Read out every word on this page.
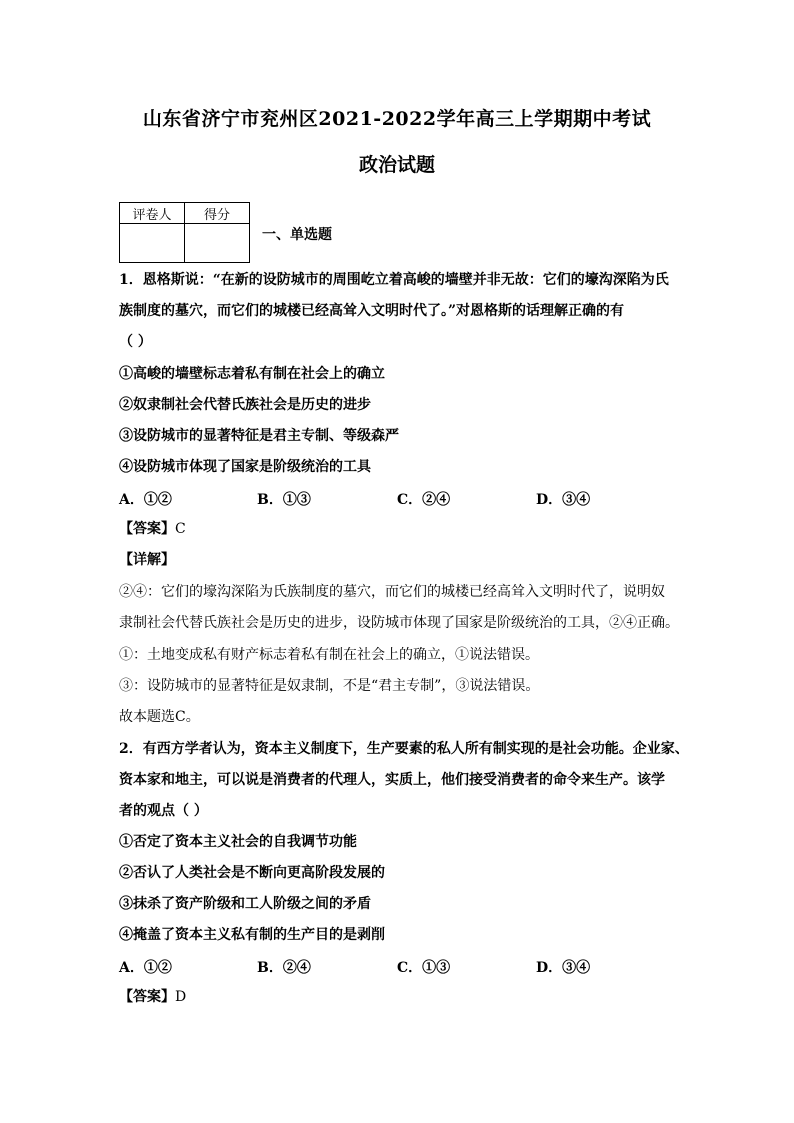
山东省济宁市兖州区2021-2022学年高三上学期期中考试
政治试题
评卷人	得分

一、单选题
1．恩格斯说：“在新的设防城市的周围屹立着高峻的墙壁并非无故：它们的壕沟深陷为氏
族制度的墓穴，而它们的城楼已经高耸入文明时代了。”对恩格斯的话理解正确的有
（ ）
①高峻的墙壁标志着私有制在社会上的确立
②奴隶制社会代替氏族社会是历史的进步
③设防城市的显著特征是君主专制、等级森严
④设防城市体现了国家是阶级统治的工具
A．①②	B．①③	C．②④	D．③④
【答案】C
【详解】
②④：它们的壕沟深陷为氏族制度的墓穴，而它们的城楼已经高耸入文明时代了，说明奴
隶制社会代替氏族社会是历史的进步，设防城市体现了国家是阶级统治的工具，②④正确。
①：土地变成私有财产标志着私有制在社会上的确立，①说法错误。
③：设防城市的显著特征是奴隶制，不是“君主专制”，③说法错误。
故本题选C。
2．有西方学者认为，资本主义制度下，生产要素的私人所有制实现的是社会功能。企业家、
资本家和地主，可以说是消费者的代理人，实质上，他们接受消费者的命令来生产。该学
者的观点（ ）
①否定了资本主义社会的自我调节功能
②否认了人类社会是不断向更高阶段发展的
③抹杀了资产阶级和工人阶级之间的矛盾
④掩盖了资本主义私有制的生产目的是剥削
A．①②	B．②④	C．①③	D．③④
【答案】D
